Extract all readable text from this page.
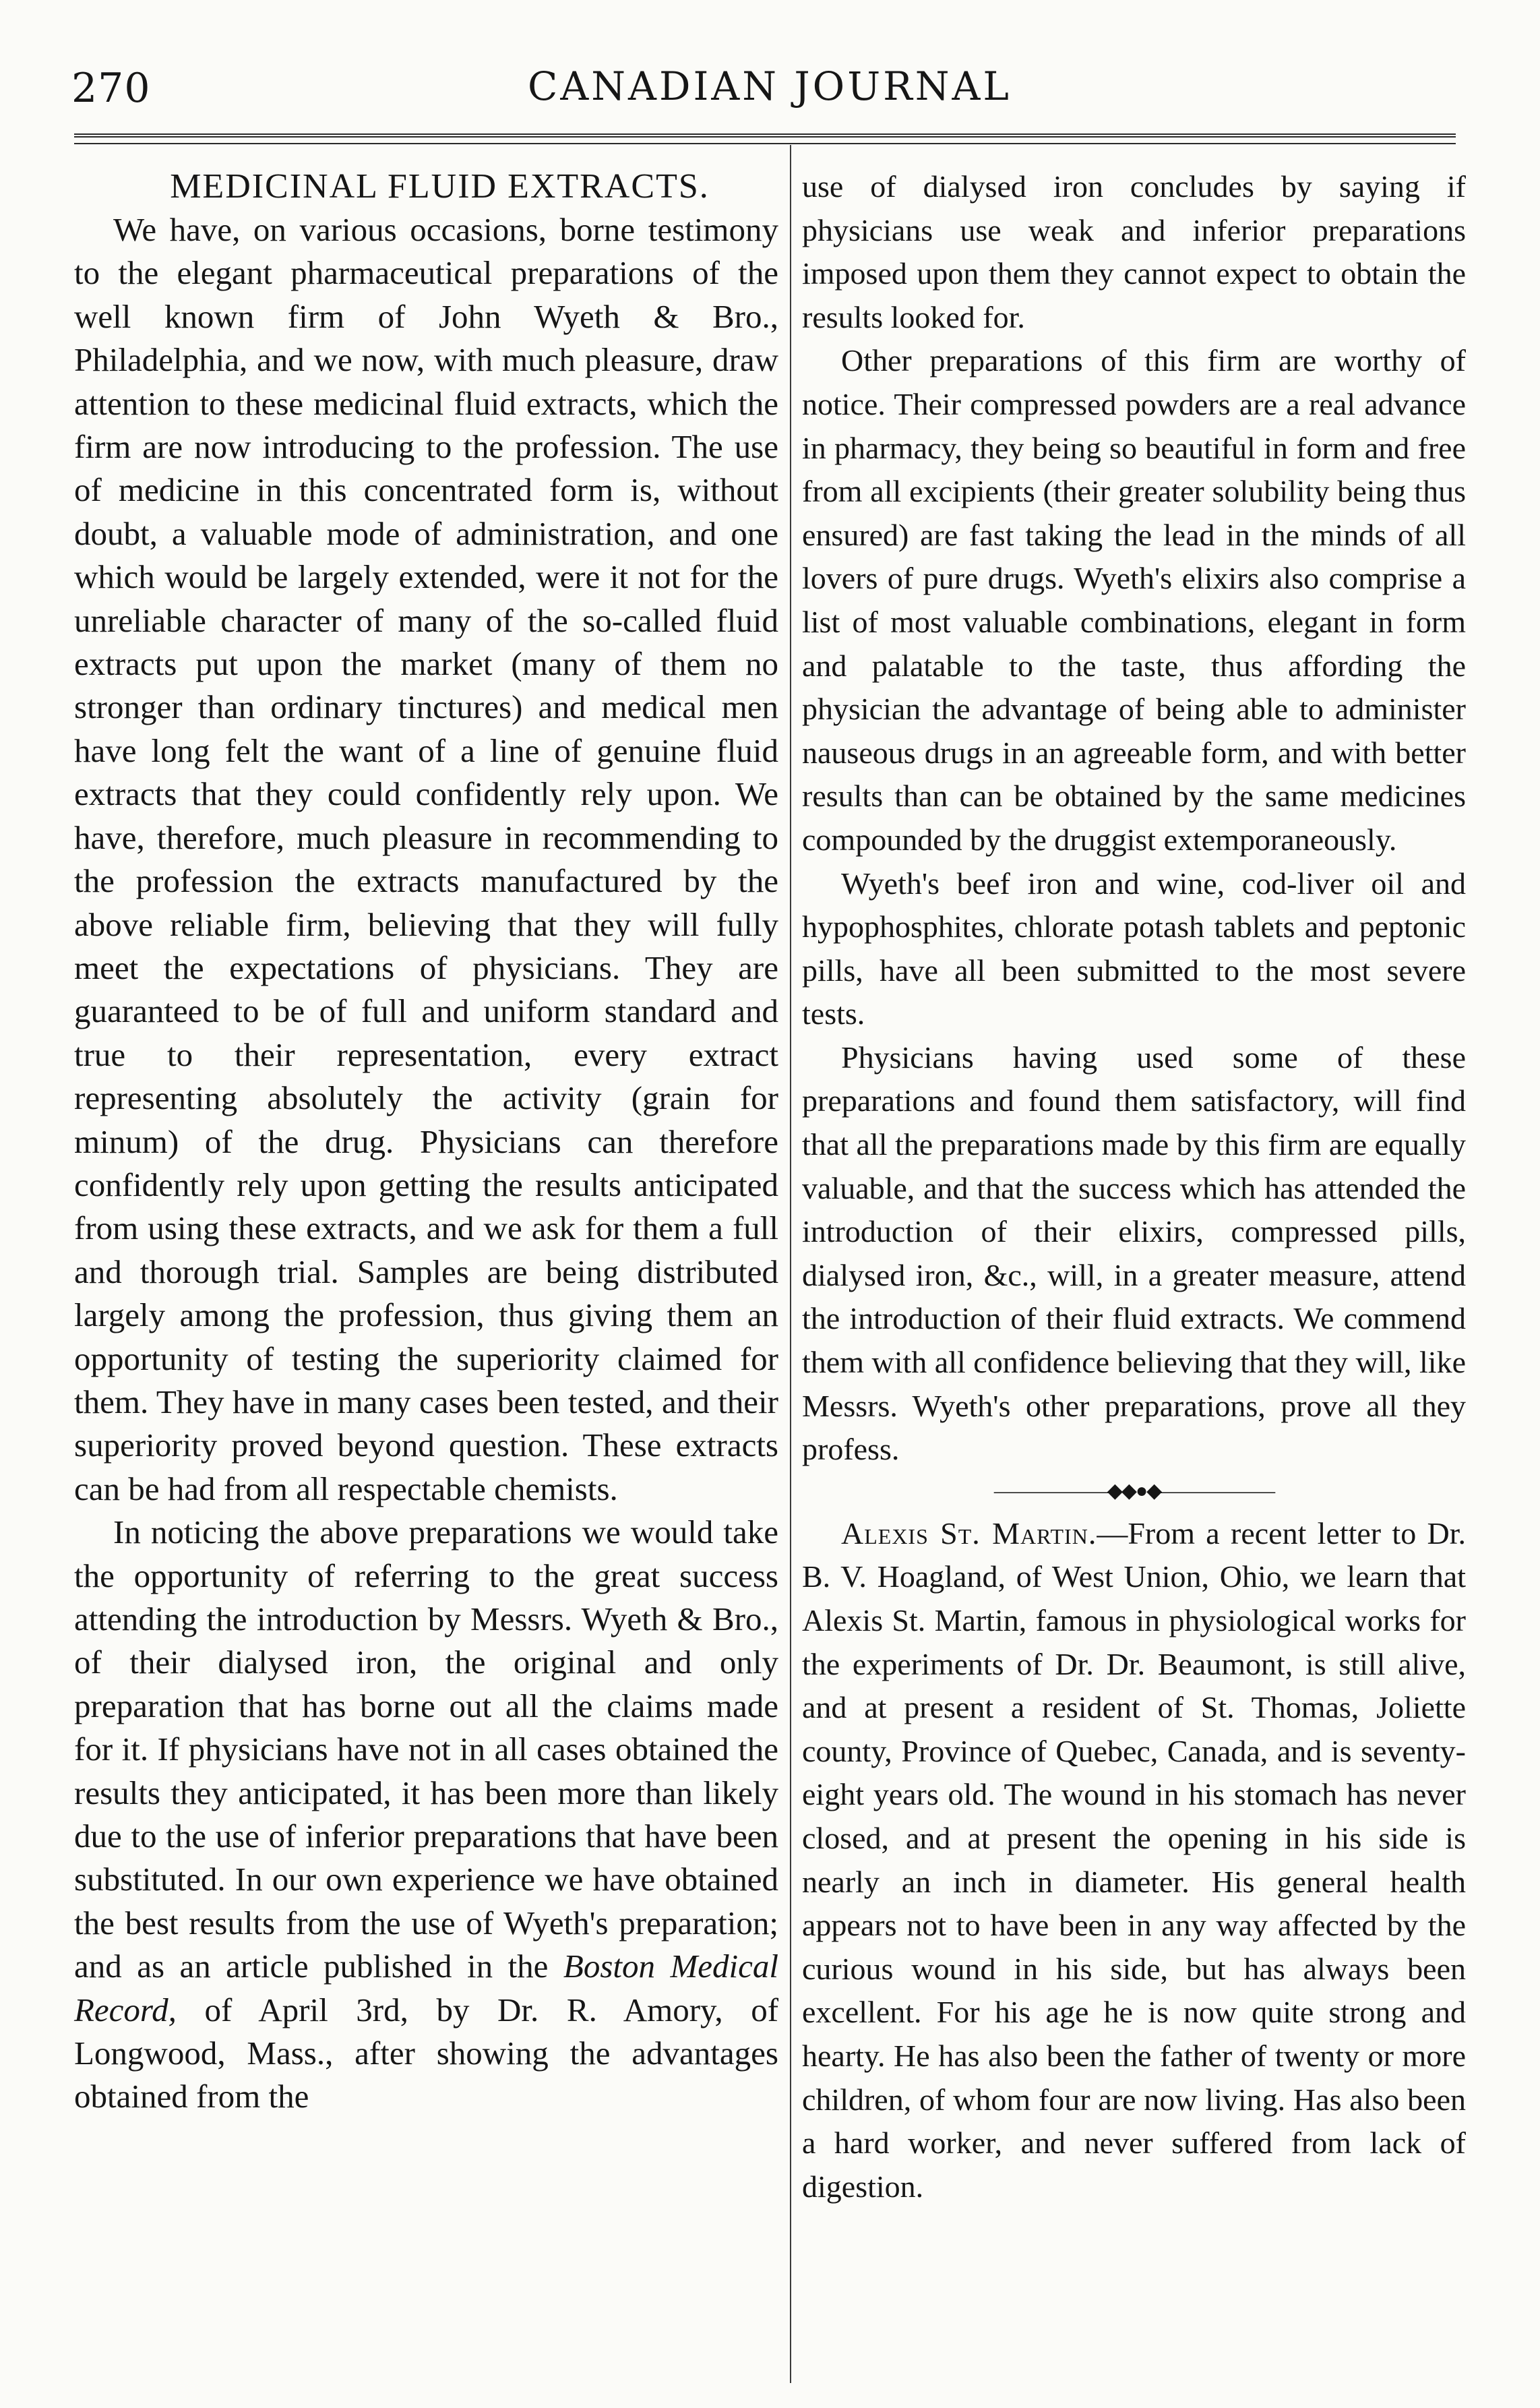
270	CANADIAN JOURNAL
MEDICINAL FLUID EXTRACTS.

We have, on various occasions, borne testimony to the elegant pharmaceutical preparations of the well known firm of John Wyeth & Bro., Philadelphia, and we now, with much pleasure, draw attention to these medicinal fluid extracts, which the firm are now introducing to the profession. The use of medicine in this concentrated form is, without doubt, a valuable mode of administration, and one which would be largely extended, were it not for the unreliable character of many of the so-called fluid extracts put upon the market (many of them no stronger than ordinary tinctures) and medical men have long felt the want of a line of genuine fluid extracts that they could confidently rely upon. We have, therefore, much pleasure in recommending to the profession the extracts manufactured by the above reliable firm, believing that they will fully meet the expectations of physicians. They are guaranteed to be of full and uniform standard and true to their representation, every extract representing absolutely the activity (grain for minum) of the drug. Physicians can therefore confidently rely upon getting the results anticipated from using these extracts, and we ask for them a full and thorough trial. Samples are being distributed largely among the profession, thus giving them an opportunity of testing the superiority claimed for them. They have in many cases been tested, and their superiority proved beyond question. These extracts can be had from all respectable chemists.

In noticing the above preparations we would take the opportunity of referring to the great success attending the introduction by Messrs. Wyeth & Bro., of their dialysed iron, the original and only preparation that has borne out all the claims made for it. If physicians have not in all cases obtained the results they anticipated, it has been more than likely due to the use of inferior preparations that have been substituted. In our own experience we have obtained the best results from the use of Wyeth's preparation; and as an article published in the Boston Medical Record, of April 3rd, by Dr. R. Amory, of Longwood, Mass., after showing the advantages obtained from the

use of dialysed iron concludes by saying if physicians use weak and inferior preparations imposed upon them they cannot expect to obtain the results looked for.

Other preparations of this firm are worthy of notice. Their compressed powders are a real advance in pharmacy, they being so beautiful in form and free from all excipients (their greater solubility being thus ensured) are fast taking the lead in the minds of all lovers of pure drugs. Wyeth's elixirs also comprise a list of most valuable combinations, elegant in form and palatable to the taste, thus affording the physician the advantage of being able to administer nauseous drugs in an agreeable form, and with better results than can be obtained by the same medicines compounded by the druggist extemporaneously.

Wyeth's beef iron and wine, cod-liver oil and hypophosphites, chlorate potash tablets and peptonic pills, have all been submitted to the most severe tests.

Physicians having used some of these preparations and found them satisfactory, will find that all the preparations made by this firm are equally valuable, and that the success which has attended the introduction of their elixirs, compressed pills, dialysed iron, &c., will, in a greater measure, attend the introduction of their fluid extracts. We commend them with all confidence believing that they will, like Messrs. Wyeth's other preparations, prove all they profess.

——————◆◆●◆——————

Alexis St. Martin.—From a recent letter to Dr. B. V. Hoagland, of West Union, Ohio, we learn that Alexis St. Martin, famous in physiological works for the experiments of Dr. Dr. Beaumont, is still alive, and at present a resident of St. Thomas, Joliette county, Province of Quebec, Canada, and is seventy-eight years old. The wound in his stomach has never closed, and at present the opening in his side is nearly an inch in diameter. His general health appears not to have been in any way affected by the curious wound in his side, but has always been excellent. For his age he is now quite strong and hearty. He has also been the father of twenty or more children, of whom four are now living. Has also been a hard worker, and never suffered from lack of digestion.
